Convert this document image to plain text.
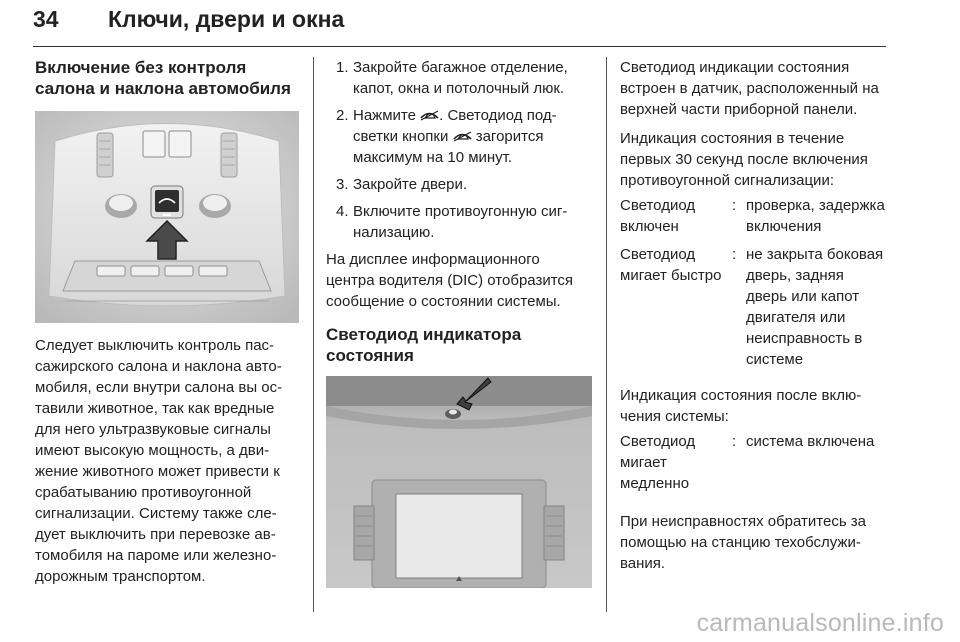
34 Ключи, двери и окна
Включение без контроля салона и наклона автомобиля

Следует выключить контроль пассажирского салона и наклона автомобиля, если внутри салона вы оставили животное, так как вредные для него ультразвуковые сигналы имеют высокую мощность, а движение животного может привести к срабатыванию противоугонной сигнализации. Систему также следует выключить при перевозке автомобиля на пароме или железнодорожным транспортом.

1. Закройте багажное отделение, капот, окна и потолочный люк.
2. Нажмите . Светодиод подсветки кнопки  загорится максимум на 10 минут.
3. Закройте двери.
4. Включите противоугонную сигнализацию.

На дисплее информационного центра водителя (DIC) отобразится сообщение о состоянии системы.

Светодиод индикатора состояния

Светодиод индикации состояния встроен в датчик, расположенный на верхней части приборной панели.

Индикация состояния в течение первых 30 секунд после включения противоугонной сигнализации:

Светодиод включен	:	проверка, задержка включения
Светодиод мигает быстро	:	не закрыта боковая дверь, задняя дверь или капот двигателя или неисправность в системе

Индикация состояния после включения системы:

Светодиод мигает медленно	:	система включена

При неисправностях обратитесь за помощью на станцию техобслуживания.

carmanualsonline.info
